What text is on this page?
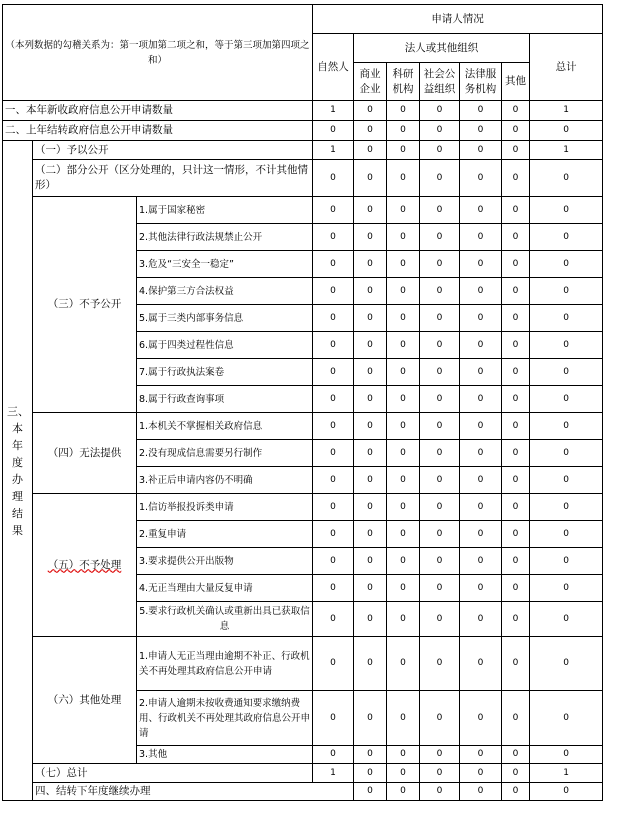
（本列数据的勾稽关系为：第一项加第二项之和，等于第三项加第四项之和）			申请人情况							
			自然人	法人或其他组织					总计	
				商业企业	科研机构	社会公益组织	法律服务机构	其他		
一、本年新收政府信息公开申请数量			1	0	0	0	0	0	1	
二、上年结转政府信息公开申请数量			0	0	0	0	0	0	0	
三、本年度办理结果	（一）予以公开		1	0	0	0	0	0	1	
	（二）部分公开（区分处理的，只计这一情形，不计其他情形）		0	0	0	0	0	0	0	
	（三）不予公开	1.属于国家秘密	0	0	0	0	0	0	0	
		2.其他法律行政法规禁止公开	0	0	0	0	0	0	0	
		3.危及“三安全一稳定”	0	0	0	0	0	0	0	
		4.保护第三方合法权益	0	0	0	0	0	0	0	
		5.属于三类内部事务信息	0	0	0	0	0	0	0	
		6.属于四类过程性信息	0	0	0	0	0	0	0	
		7.属于行政执法案卷	0	0	0	0	0	0	0	
		8.属于行政查询事项	0	0	0	0	0	0	0	
	（四）无法提供	1.本机关不掌握相关政府信息	0	0	0	0	0	0	0	
		2.没有现成信息需要另行制作	0	0	0	0	0	0	0	
		3.补正后申请内容仍不明确	0	0	0	0	0	0	0	
	（五）不予处理	1.信访举报投诉类申请	0	0	0	0	0	0	0	
		2.重复申请	0	0	0	0	0	0	0	
		3.要求提供公开出版物	0	0	0	0	0	0	0	
		4.无正当理由大量反复申请	0	0	0	0	0	0	0	
		5.要求行政机关确认或重新出具已获取信息	0	0	0	0	0	0	0	
	（六）其他处理	1.申请人无正当理由逾期不补正、行政机关不再处理其政府信息公开申请	0	0	0	0	0	0	0	
		2.申请人逾期未按收费通知要求缴纳费用、行政机关不再处理其政府信息公开申请	0	0	0	0	0	0	0	
		3.其他	0	0	0	0	0	0	0	
	（七）总计		1	0	0	0	0	0	1	
	四、结转下年度继续办理			0	0	0	0	0	0	
